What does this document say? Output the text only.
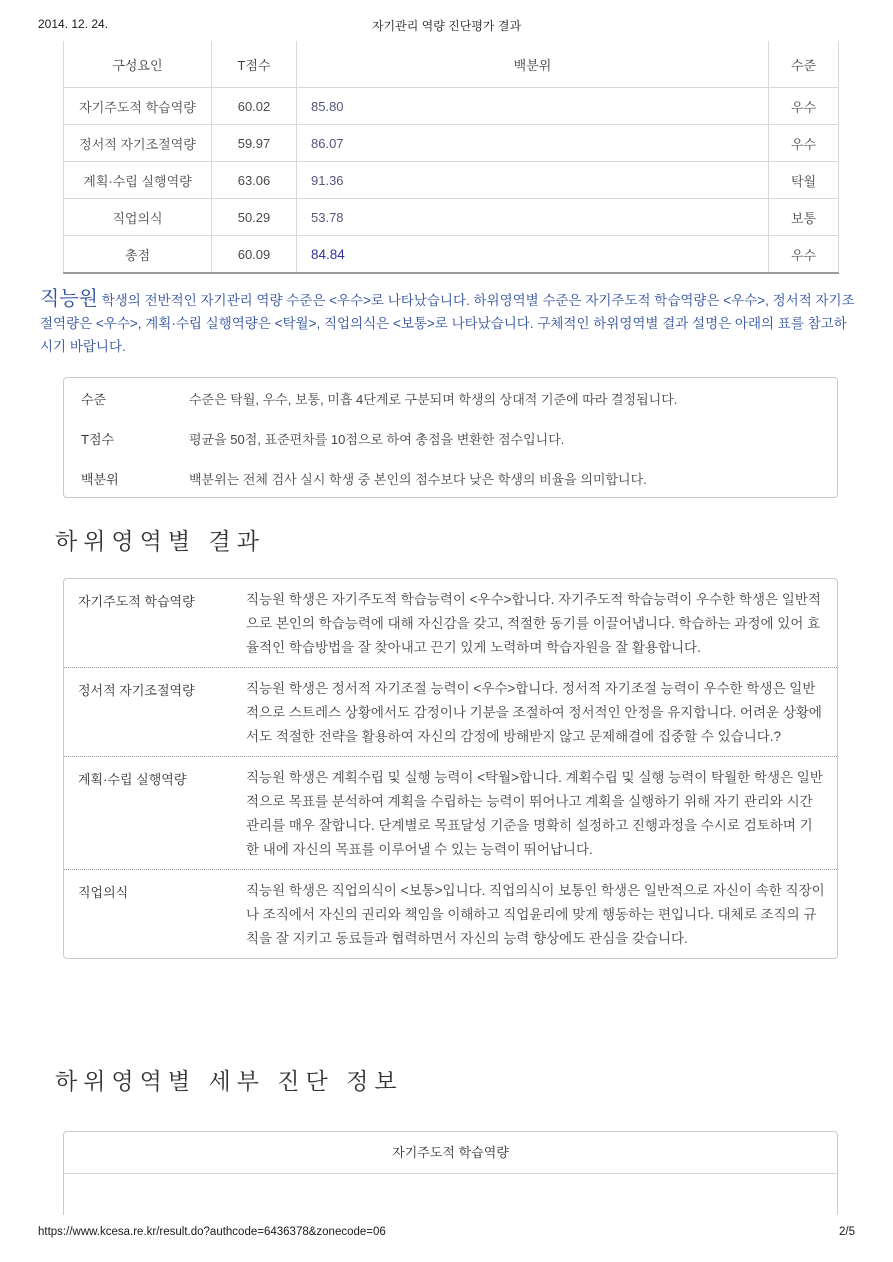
2014. 12. 24.	자기관리 역량 진단평가 결과
구성요인	T점수	백분위	수준
자기주도적 학습역량	60.02	85.80	우수
정서적 자기조절역량	59.97	86.07	우수
계획·수립 실행역량	63.06	91.36	탁월
직업의식	50.29	53.78	보통
총점	60.09	84.84	우수

직능원 학생의 전반적인 자기관리 역량 수준은 <우수>로 나타났습니다. 하위영역별 수준은 자기주도적 학습역량은 <우수>, 정서적 자기조절역량은 <우수>, 계획·수립 실행역량은 <탁월>, 직업의식은 <보통>로 나타났습니다. 구체적인 하위영역별 결과 설명은 아래의 표를 참고하시기 바랍니다.

수준	수준은 탁월, 우수, 보통, 미흡 4단계로 구분되며 학생의 상대적 기준에 따라 결정됩니다.
T점수	평균을 50점, 표준편차를 10점으로 하여 총점을 변환한 점수입니다.
백분위	백분위는 전체 검사 실시 학생 중 본인의 점수보다 낮은 학생의 비율을 의미합니다.
하위영역별 결과
자기주도적 학습역량	직능원 학생은 자기주도적 학습능력이 <우수>합니다. 자기주도적 학습능력이 우수한 학생은 일반적으로 본인의 학습능력에 대해 자신감을 갖고, 적절한 동기를 이끌어냅니다. 학습하는 과정에 있어 효율적인 학습방법을 잘 찾아내고 끈기 있게 노력하며 학습자원을 잘 활용합니다.
정서적 자기조절역량	직능원 학생은 정서적 자기조절 능력이 <우수>합니다. 정서적 자기조절 능력이 우수한 학생은 일반적으로 스트레스 상황에서도 감정이나 기분을 조절하여 정서적인 안정을 유지합니다. 어려운 상황에서도 적절한 전략을 활용하여 자신의 감정에 방해받지 않고 문제해결에 집중할 수 있습니다.?
계획·수립 실행역량	직능원 학생은 계획수립 및 실행 능력이 <탁월>합니다. 계획수립 및 실행 능력이 탁월한 학생은 일반적으로 목표를 분석하여 계획을 수립하는 능력이 뛰어나고 계획을 실행하기 위해 자기 관리와 시간 관리를 매우 잘합니다. 단계별로 목표달성 기준을 명확히 설정하고 진행과정을 수시로 검토하며 기한 내에 자신의 목표를 이루어낼 수 있는 능력이 뛰어납니다.
직업의식	직능원 학생은 직업의식이 <보통>입니다. 직업의식이 보통인 학생은 일반적으로 자신이 속한 직장이나 조직에서 자신의 권리와 책임을 이해하고 직업윤리에 맞게 행동하는 편입니다. 대체로 조직의 규칙을 잘 지키고 동료들과 협력하면서 자신의 능력 향상에도 관심을 갖습니다.
하위영역별 세부 진단 정보
자기주도적 학습역량
https://www.kcesa.re.kr/result.do?authcode=6436378&zonecode=06	2/5
